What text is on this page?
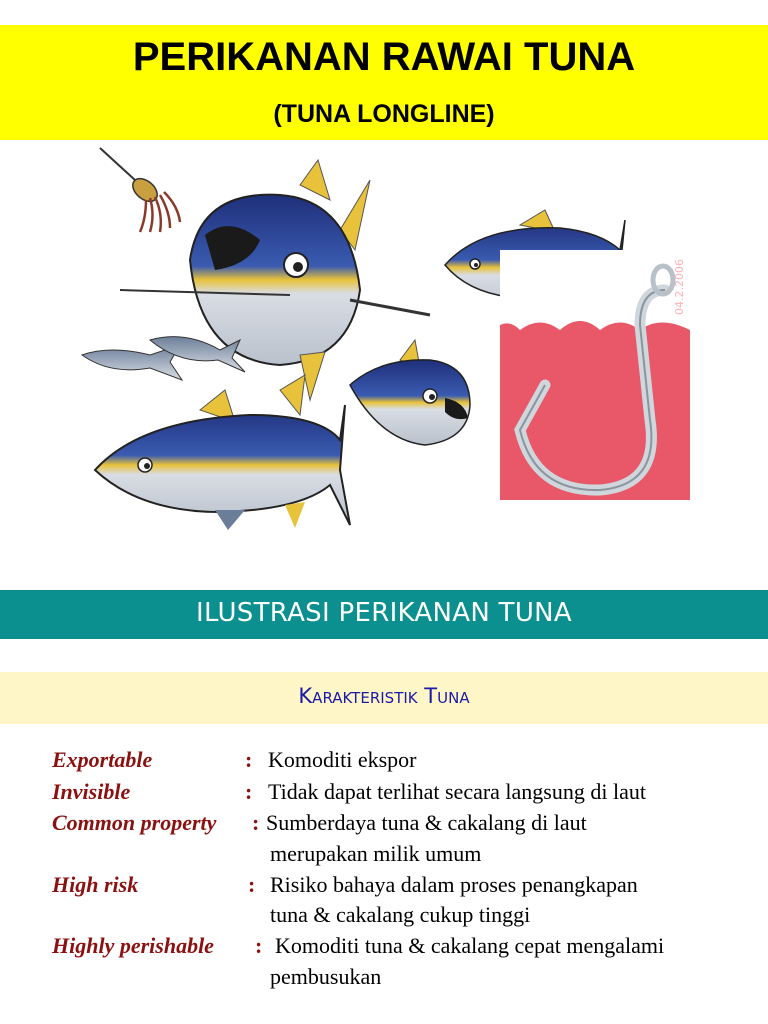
PERIKANAN RAWAI TUNA
(TUNA LONGLINE)
04.2.2006
ILUSTRASI PERIKANAN TUNA
Karakteristik Tuna
Exportable	: Komoditi ekspor
Invisible	: Tidak dapat terlihat secara langsung di laut
Common property : Sumberdaya tuna & cakalang di laut
merupakan milik umum
High risk	: Risiko bahaya dalam proses penangkapan
tuna & cakalang cukup tinggi
Highly perishable : Komoditi tuna & cakalang cepat mengalami
pembusukan
